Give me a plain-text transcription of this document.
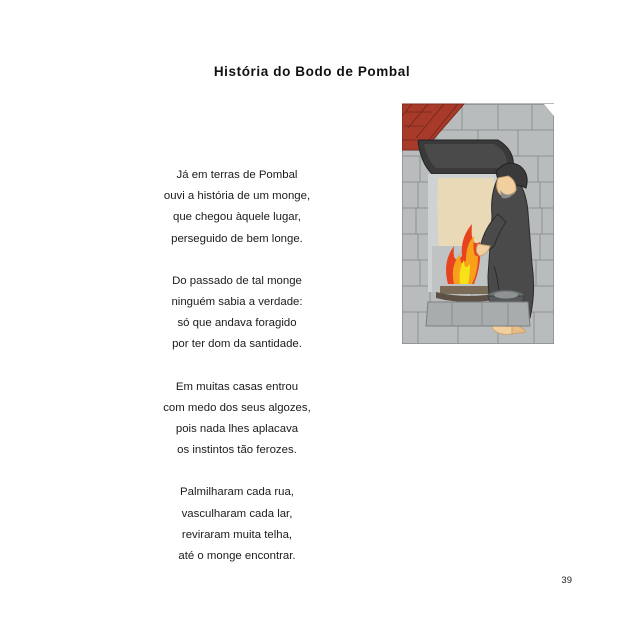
História do Bodo de Pombal
Já em terras de Pombal
ouvi a história de um monge,
que chegou àquele lugar,
perseguido de bem longe.
Do passado de tal monge
ninguém sabia a verdade:
só que andava foragido
por ter dom da santidade.
Em muitas casas entrou
com medo dos seus algozes,
pois nada lhes aplacava
os instintos tão ferozes.
Palmilharam cada rua,
vasculharam cada lar,
reviraram muita telha,
até o monge encontrar.
39
